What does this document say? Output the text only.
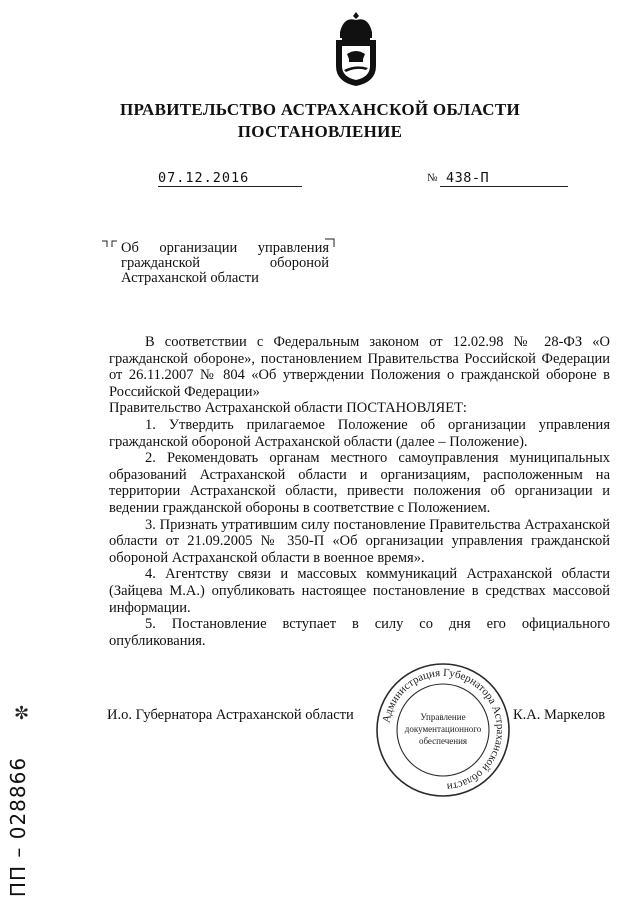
ПРАВИТЕЛЬСТВО АСТРАХАНСКОЙ ОБЛАСТИ
ПОСТАНОВЛЕНИЕ
07.12.2016	№ 438-П
Об организации управления
гражданской обороной
Астраханской области

В соответствии с Федеральным законом от 12.02.98 № 28-ФЗ «О гражданской обороне», постановлением Правительства Российской Федерации от 26.11.2007 № 804 «Об утверждении Положения о гражданской обороне в Российской Федерации»

Правительство Астраханской области ПОСТАНОВЛЯЕТ:

1. Утвердить прилагаемое Положение об организации управления гражданской обороной Астраханской области (далее – Положение).

2. Рекомендовать органам местного самоуправления муниципальных образований Астраханской области и организациям, расположенным на территории Астраханской области, привести положения об организации и ведении гражданской обороны в соответствие с Положением.

3. Признать утратившим силу постановление Правительства Астраханской области от 21.09.2005 № 350-П «Об организации управления гражданской обороной Астраханской области в военное время».

4. Агентству связи и массовых коммуникаций Астраханской области (Зайцева М.А.) опубликовать настоящее постановление в средствах массовой информации.

5. Постановление вступает в силу со дня его официального опубликования.

И.о. Губернатора Астраханской области	К.А. Маркелов
Администрация Губернатора Астраханской области
Управление
документационного
обеспечения
✼
ПП – 028866
